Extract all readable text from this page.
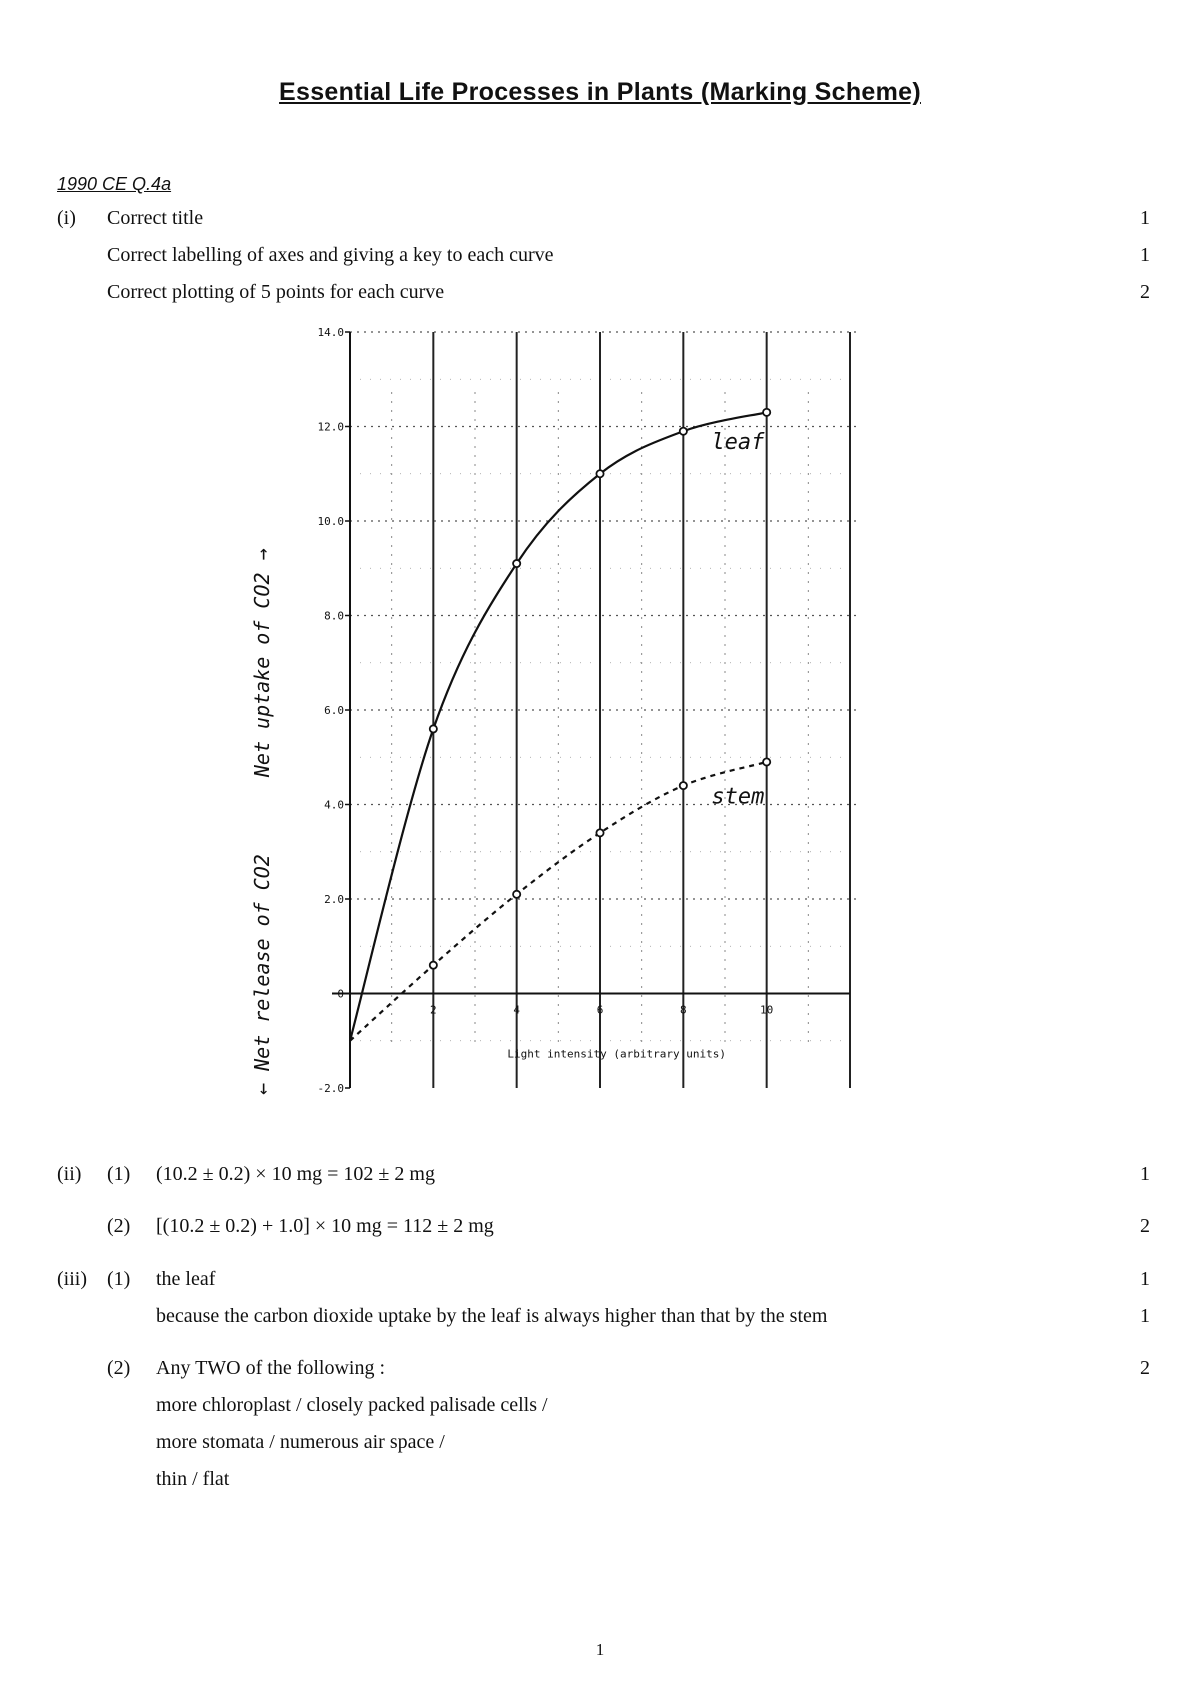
Essential Life Processes in Plants (Marking Scheme)
1990 CE Q.4a
(i) Correct title	1
Correct labelling of axes and giving a key to each curve	1
Correct plotting of 5 points for each curve	2
-2.0
0
2.0
4.0
6.0
8.0
10.0
12.0
14.0
2	4	6	8	10
leaf
stem
Light intensity (arbitrary units)
Net uptake of CO2 →
← Net release of CO2
(ii) (1) (10.2 ± 0.2) × 10 mg = 102 ± 2 mg	1
(2) [(10.2 ± 0.2) + 1.0] × 10 mg = 112 ± 2 mg	2
(iii) (1) the leaf	1
because the carbon dioxide uptake by the leaf is always higher than that by the stem	1
(2) Any TWO of the following :	2
more chloroplast / closely packed palisade cells /
more stomata / numerous air space /
thin / flat
1
